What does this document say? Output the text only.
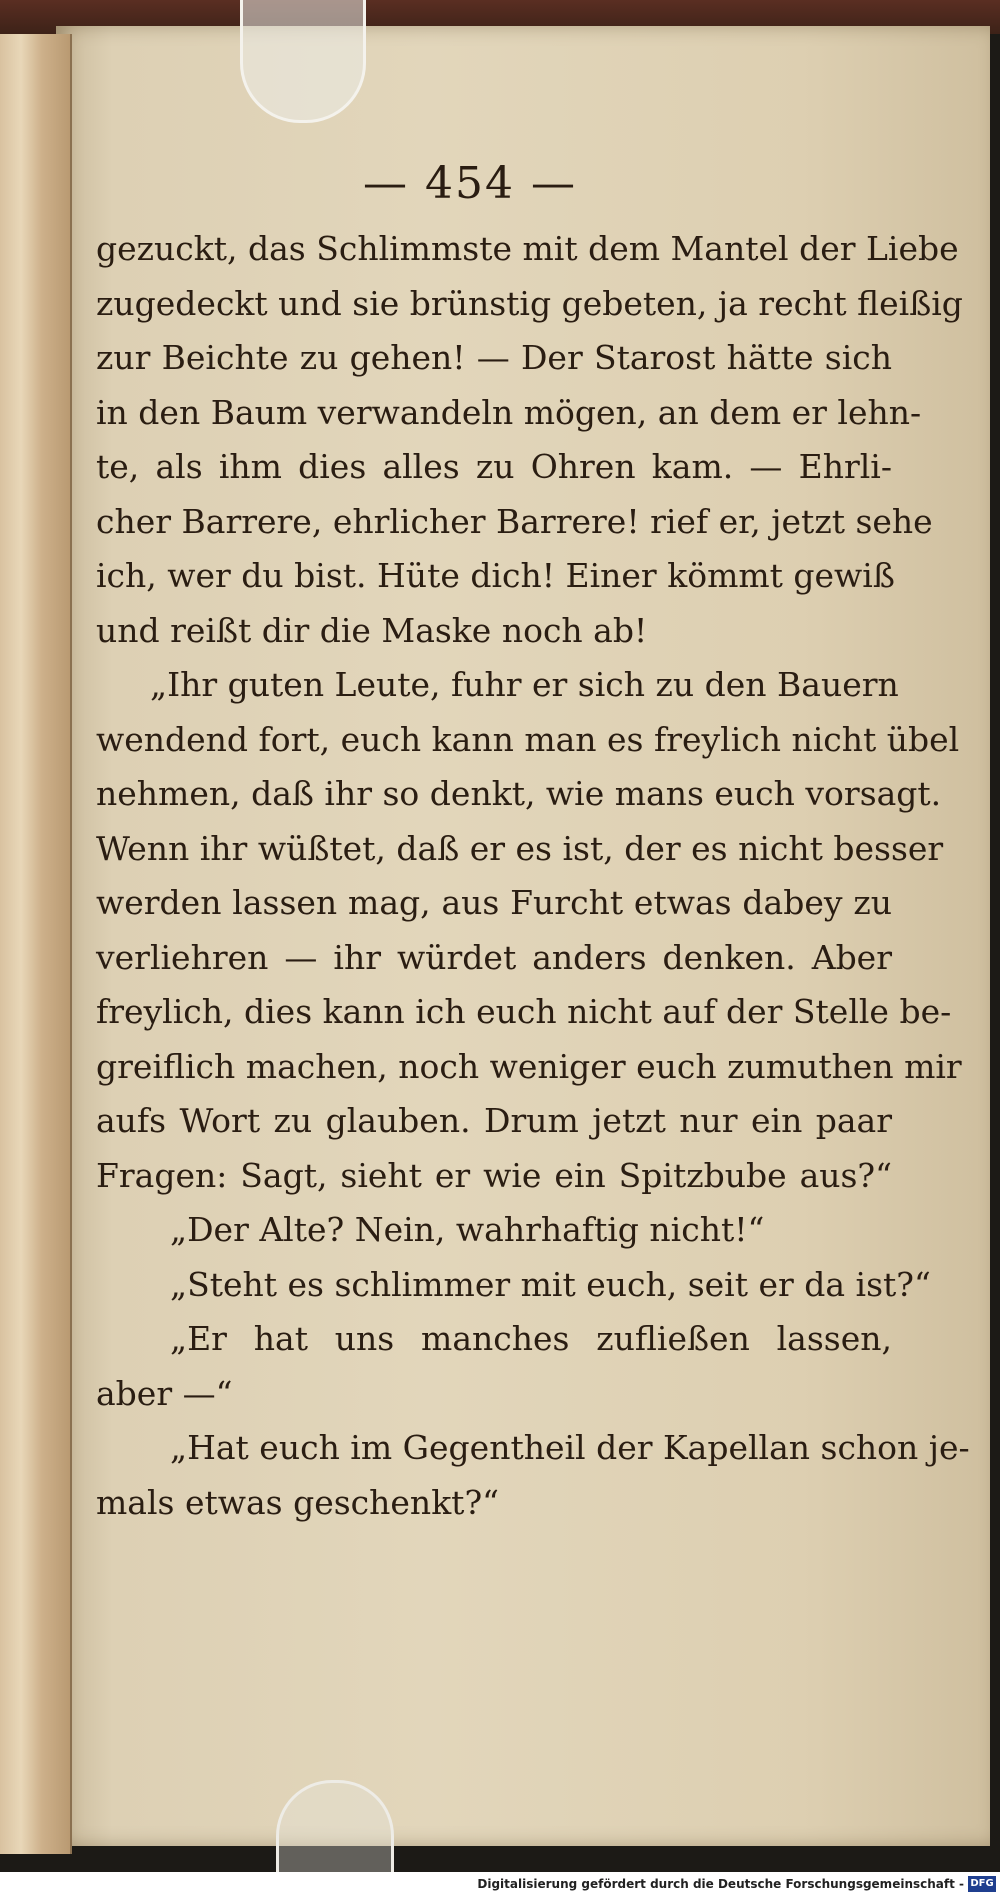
— 454 —
gezuckt, das Schlimmste mit dem Mantel der Liebe
zugedeckt und sie brünstig gebeten, ja recht fleißig
zur Beichte zu gehen! — Der Starost hätte sich
in den Baum verwandeln mögen, an dem er lehn-
te, als ihm dies alles zu Ohren kam. — Ehrli-
cher Barrere, ehrlicher Barrere! rief er, jetzt sehe
ich, wer du bist. Hüte dich! Einer kömmt gewiß
und reißt dir die Maske noch ab!
„Ihr guten Leute, fuhr er sich zu den Bauern
wendend fort, euch kann man es freylich nicht übel
nehmen, daß ihr so denkt, wie mans euch vorsagt.
Wenn ihr wüßtet, daß er es ist, der es nicht besser
werden lassen mag, aus Furcht etwas dabey zu
verliehren — ihr würdet anders denken. Aber
freylich, dies kann ich euch nicht auf der Stelle be-
greiflich machen, noch weniger euch zumuthen mir
aufs Wort zu glauben. Drum jetzt nur ein paar
Fragen: Sagt, sieht er wie ein Spitzbube aus?“
„Der Alte? Nein, wahrhaftig nicht!“
„Steht es schlimmer mit euch, seit er da ist?“
„Er hat uns manches zufließen lassen,
aber —“
„Hat euch im Gegentheil der Kapellan schon je-
mals etwas geschenkt?“
Digitalisierung gefördert durch die Deutsche Forschungsgemeinschaft - DFG
